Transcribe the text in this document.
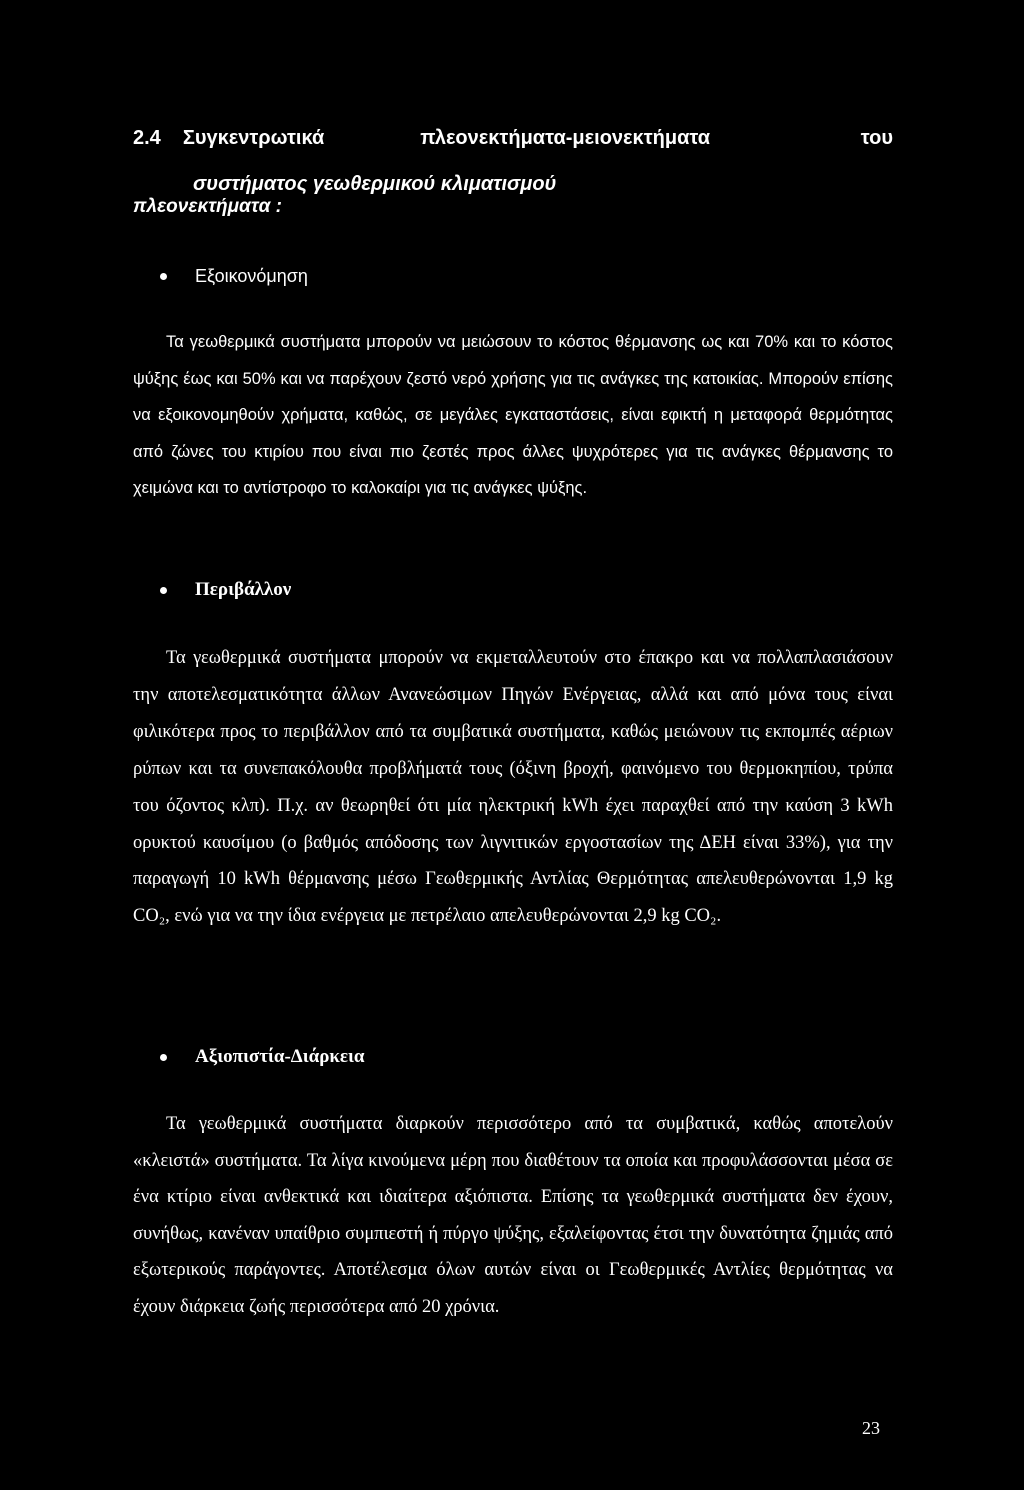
2.4 Συγκεντρωτικά	πλεονεκτήματα-μειονεκτήματα	του
συστήματος γεωθερμικού κλιματισμού
πλεονεκτήματα :
Εξοικονόμηση

Τα γεωθερμικά συστήματα μπορούν να μειώσουν το κόστος θέρμανσης ως και 70% και το κόστος ψύξης έως και 50% και να παρέχουν ζεστό νερό χρήσης για τις ανάγκες της κατοικίας. Μπορούν επίσης να εξοικονομηθούν χρήματα, καθώς, σε μεγάλες εγκαταστάσεις, είναι εφικτή η μεταφορά θερμότητας από ζώνες του κτιρίου που είναι πιο ζεστές προς άλλες ψυχρότερες για τις ανάγκες θέρμανσης το χειμώνα και το αντίστροφο το καλοκαίρι για τις ανάγκες ψύξης.

Περιβάλλον

Τα γεωθερμικά συστήματα μπορούν να εκμεταλλευτούν στο έπακρο και να πολλαπλασιάσουν την αποτελεσματικότητα άλλων Ανανεώσιμων Πηγών Ενέργειας, αλλά και από μόνα τους είναι φιλικότερα προς το περιβάλλον από τα συμβατικά συστήματα, καθώς μειώνουν τις εκπομπές αέριων ρύπων και τα συνεπακόλουθα προβλήματά τους (όξινη βροχή, φαινόμενο του θερμοκηπίου, τρύπα του όζοντος κλπ). Π.χ. αν θεωρηθεί ότι μία ηλεκτρική kWh έχει παραχθεί από την καύση 3 kWh ορυκτού καυσίμου (ο βαθμός απόδοσης των λιγνιτικών εργοστασίων της ΔΕΗ είναι 33%), για την παραγωγή 10 kWh θέρμανσης μέσω Γεωθερμικής Αντλίας Θερμότητας απελευθερώνονται 1,9 kg CO₂, ενώ για να την ίδια ενέργεια με πετρέλαιο απελευθερώνονται 2,9 kg CO₂.

Αξιοπιστία-Διάρκεια

Τα γεωθερμικά συστήματα διαρκούν περισσότερο από τα συμβατικά, καθώς αποτελούν «κλειστά» συστήματα. Τα λίγα κινούμενα μέρη που διαθέτουν τα οποία και προφυλάσσονται μέσα σε ένα κτίριο είναι ανθεκτικά και ιδιαίτερα αξιόπιστα. Επίσης τα γεωθερμικά συστήματα δεν έχουν, συνήθως, κανέναν υπαίθριο συμπιεστή ή πύργο ψύξης, εξαλείφοντας έτσι την δυνατότητα ζημιάς από εξωτερικούς παράγοντες. Αποτέλεσμα όλων αυτών είναι οι Γεωθερμικές Αντλίες θερμότητας να έχουν διάρκεια ζωής περισσότερα από 20 χρόνια.

23
